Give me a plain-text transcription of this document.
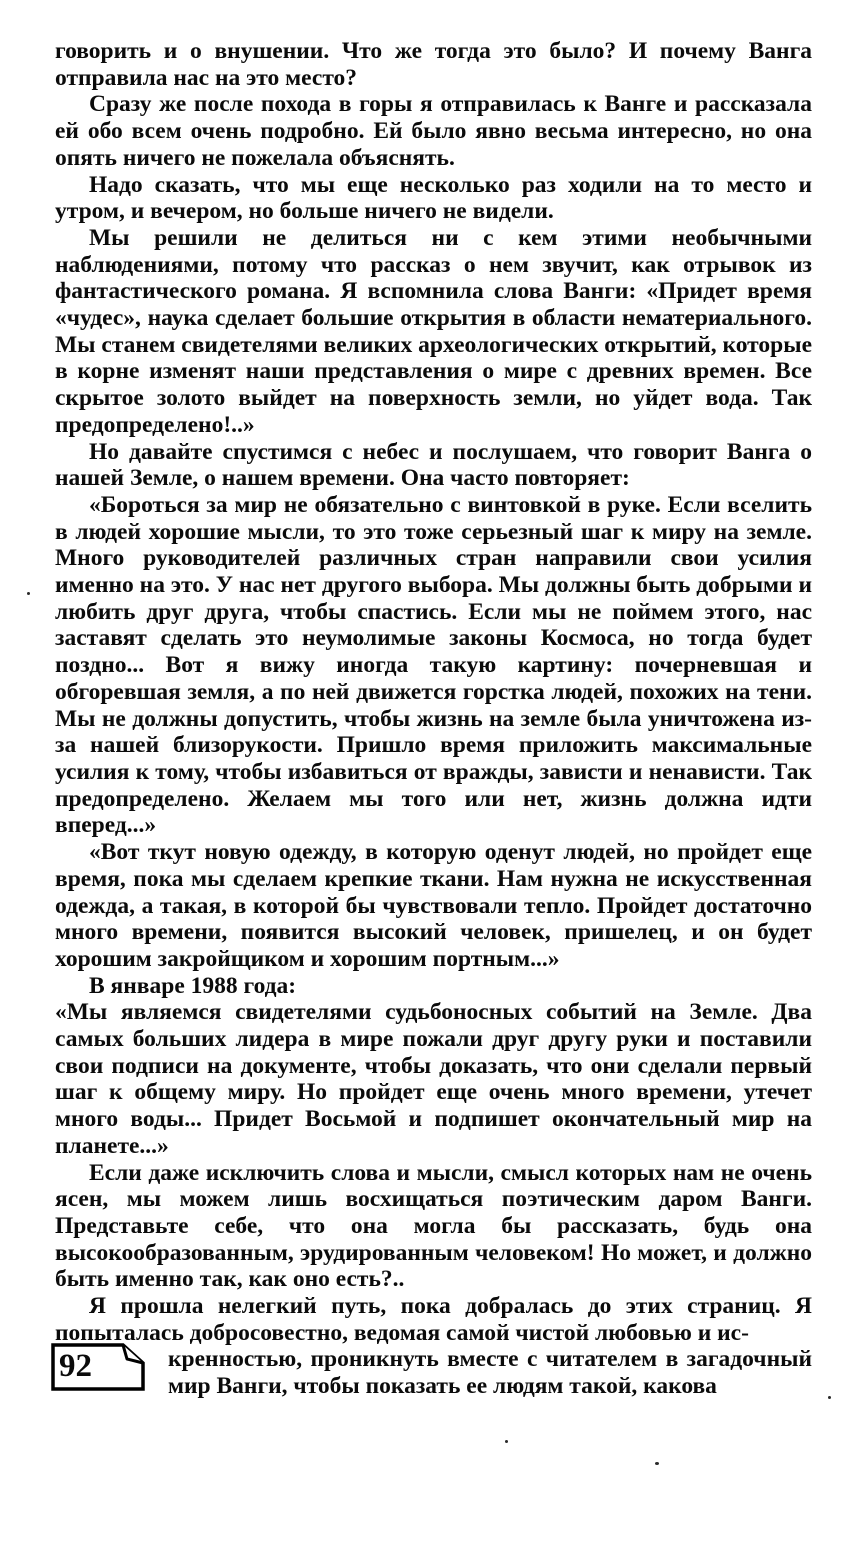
говорить и о внушении. Что же тогда это было? И почему Ванга отправила нас на это место?

Сразу же после похода в горы я отправилась к Ванге и рассказала ей обо всем очень подробно. Ей было явно весьма интересно, но она опять ничего не пожелала объяснять.

Надо сказать, что мы еще несколько раз ходили на то место и утром, и вечером, но больше ничего не видели.

Мы решили не делиться ни с кем этими необычными наблюдениями, потому что рассказ о нем звучит, как отрывок из фантастического романа. Я вспомнила слова Ванги: «Придет время «чудес», наука сделает большие открытия в области нематериального. Мы станем свидетелями великих археологических открытий, которые в корне изменят наши представления о мире с древних времен. Все скрытое золото выйдет на поверхность земли, но уйдет вода. Так предопределено!..»

Но давайте спустимся с небес и послушаем, что говорит Ванга о нашей Земле, о нашем времени. Она часто повторяет:

«Бороться за мир не обязательно с винтовкой в руке. Если вселить в людей хорошие мысли, то это тоже серьезный шаг к миру на земле. Много руководителей различных стран направили свои усилия именно на это. У нас нет другого выбора. Мы должны быть добрыми и любить друг друга, чтобы спастись. Если мы не поймем этого, нас заставят сделать это неумолимые законы Космоса, но тогда будет поздно... Вот я вижу иногда такую картину: почерневшая и обгоревшая земля, а по ней движется горстка людей, похожих на тени. Мы не должны допустить, чтобы жизнь на земле была уничтожена из-за нашей близорукости. Пришло время приложить максимальные усилия к тому, чтобы избавиться от вражды, зависти и ненависти. Так предопределено. Желаем мы того или нет, жизнь должна идти вперед...»

«Вот ткут новую одежду, в которую оденут людей, но пройдет еще время, пока мы сделаем крепкие ткани. Нам нужна не искусственная одежда, а такая, в которой бы чувствовали тепло. Пройдет достаточно много времени, появится высокий человек, пришелец, и он будет хорошим закройщиком и хорошим портным...»

В январе 1988 года:

«Мы являемся свидетелями судьбоносных событий на Земле. Два самых больших лидера в мире пожали друг другу руки и поставили свои подписи на документе, чтобы доказать, что они сделали первый шаг к общему миру. Но пройдет еще очень много времени, утечет много воды... Придет Восьмой и подпишет окончательный мир на планете...»

Если даже исключить слова и мысли, смысл которых нам не очень ясен, мы можем лишь восхищаться поэтическим даром Ванги. Представьте себе, что она могла бы рассказать, будь она высокообразованным, эрудированным человеком! Но может, и должно быть именно так, как оно есть?..

Я прошла нелегкий путь, пока добралась до этих страниц. Я попыталась добросовестно, ведомая самой чистой любовью и ис-

92	кренностью, проникнуть вместе с читателем в загадочный мир Ванги, чтобы показать ее людям такой, какова
